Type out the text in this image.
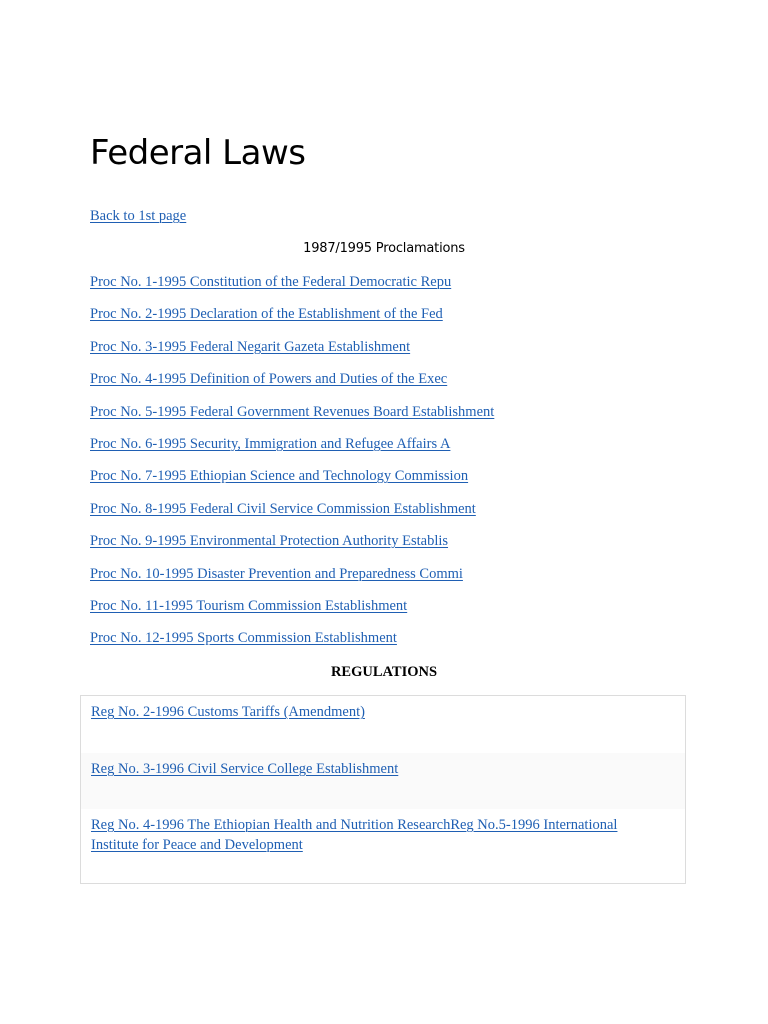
Federal Laws
Back to 1st page
1987/1995 Proclamations
Proc No. 1-1995 Constitution of the Federal Democratic Repu
Proc No. 2-1995 Declaration of the Establishment of the Fed
Proc No. 3-1995 Federal Negarit Gazeta Establishment
Proc No. 4-1995 Definition of Powers and Duties of the Exec
Proc No. 5-1995 Federal Government Revenues Board Establishment
Proc No. 6-1995 Security, Immigration and Refugee Affairs A
Proc No. 7-1995 Ethiopian Science and Technology Commission
Proc No. 8-1995 Federal Civil Service Commission Establishment
Proc No. 9-1995 Environmental Protection Authority Establis
Proc No. 10-1995 Disaster Prevention and Preparedness Commi
Proc No. 11-1995 Tourism Commission Establishment
Proc No. 12-1995 Sports Commission Establishment
REGULATIONS
Reg No. 2-1996 Customs Tariffs (Amendment)
Reg No. 3-1996 Civil Service College Establishment
Reg No. 4-1996 The Ethiopian Health and Nutrition ResearchReg No.5-1996 International Institute for Peace and Development
